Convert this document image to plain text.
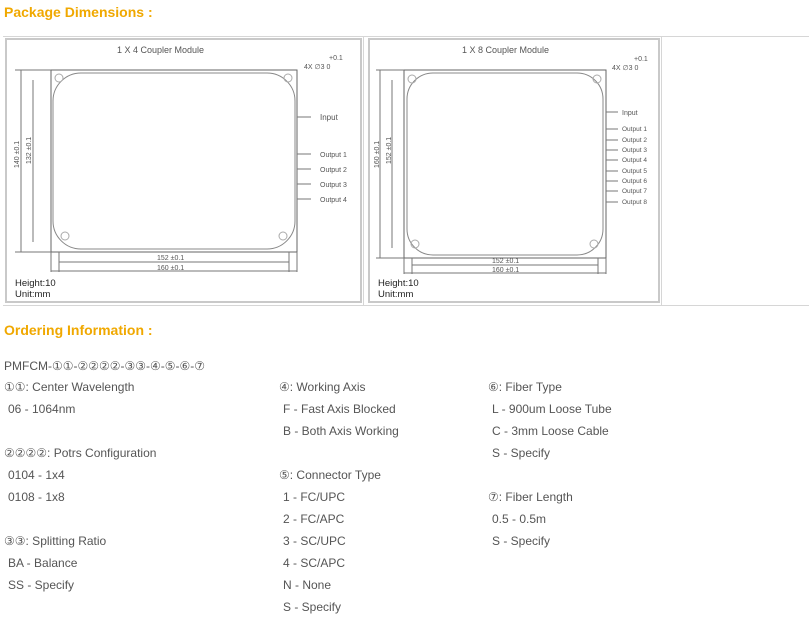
Package Dimensions :
1 X 4 Coupler Module
+0.1
4X ∅3 0
Input
Output 1
Output 2
Output 3
Output 4
152 ±0.1
160 ±0.1
140 ±0.1 132 ±0.1
Height:10
Unit:mm
1 X 8 Coupler Module
+0.1
4X ∅3 0
Input
Output 1
Output 2
Output 3
Output 4
Output 5
Output 6
Output 7
Output 8
152 ±0.1
160 ±0.1
160 ±0.1 152 ±0.1
Height:10
Unit:mm
Ordering Information :
PMFCM-①①-②②②②-③③-④-⑤-⑥-⑦
①①: Center Wavelength
06 - 1064nm
②②②②: Potrs Configuration
0104 - 1x4
0108 - 1x8
③③: Splitting Ratio
BA - Balance
SS - Specify
④: Working Axis
F - Fast Axis Blocked
B - Both Axis Working
⑤: Connector Type
1 - FC/UPC
2 - FC/APC
3 - SC/UPC
4 - SC/APC
N - None
S - Specify
⑥: Fiber Type
L - 900um Loose Tube
C - 3mm Loose Cable
S - Specify
⑦: Fiber Length
0.5 - 0.5m
S - Specify
